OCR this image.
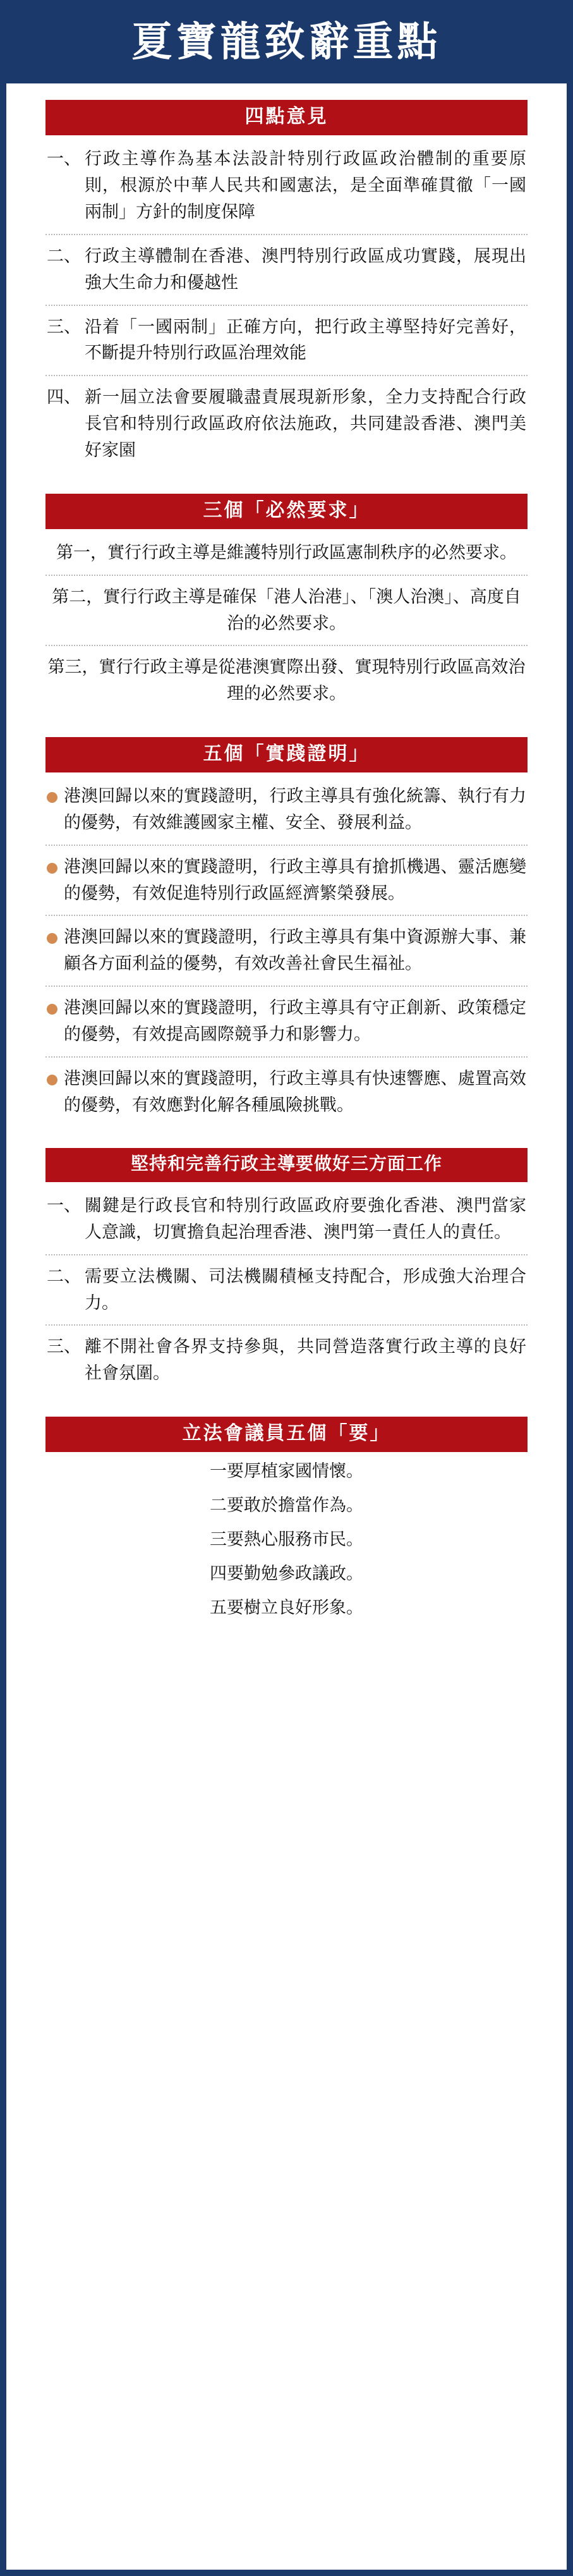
夏寶龍致辭重點
四點意見
一、 行政主導作為基本法設計特別行政區政治體制的重要原則，根源於中華人民共和國憲法，是全面準確貫徹「一國兩制」方針的制度保障
二、 行政主導體制在香港、澳門特別行政區成功實踐，展現出強大生命力和優越性
三、 沿着「一國兩制」正確方向，把行政主導堅持好完善好，不斷提升特別行政區治理效能
四、 新一屆立法會要履職盡責展現新形象，全力支持配合行政長官和特別行政區政府依法施政，共同建設香港、澳門美好家園
三個「必然要求」
第一，實行行政主導是維護特別行政區憲制秩序的必然要求。
第二，實行行政主導是確保「港人治港」、「澳人治澳」、高度自治的必然要求。
第三，實行行政主導是從港澳實際出發、實現特別行政區高效治理的必然要求。
五個「實踐證明」
港澳回歸以來的實踐證明，行政主導具有強化統籌、執行有力的優勢，有效維護國家主權、安全、發展利益。
港澳回歸以來的實踐證明，行政主導具有搶抓機遇、靈活應變的優勢，有效促進特別行政區經濟繁榮發展。
港澳回歸以來的實踐證明，行政主導具有集中資源辦大事、兼顧各方面利益的優勢，有效改善社會民生福祉。
港澳回歸以來的實踐證明，行政主導具有守正創新、政策穩定的優勢，有效提高國際競爭力和影響力。
港澳回歸以來的實踐證明，行政主導具有快速響應、處置高效的優勢，有效應對化解各種風險挑戰。
堅持和完善行政主導要做好三方面工作
一、 關鍵是行政長官和特別行政區政府要強化香港、澳門當家人意識，切實擔負起治理香港、澳門第一責任人的責任。
二、 需要立法機關、司法機關積極支持配合，形成強大治理合力。
三、 離不開社會各界支持參與，共同營造落實行政主導的良好社會氛圍。
立法會議員五個「要」
一要厚植家國情懷。
二要敢於擔當作為。
三要熱心服務市民。
四要勤勉參政議政。
五要樹立良好形象。
